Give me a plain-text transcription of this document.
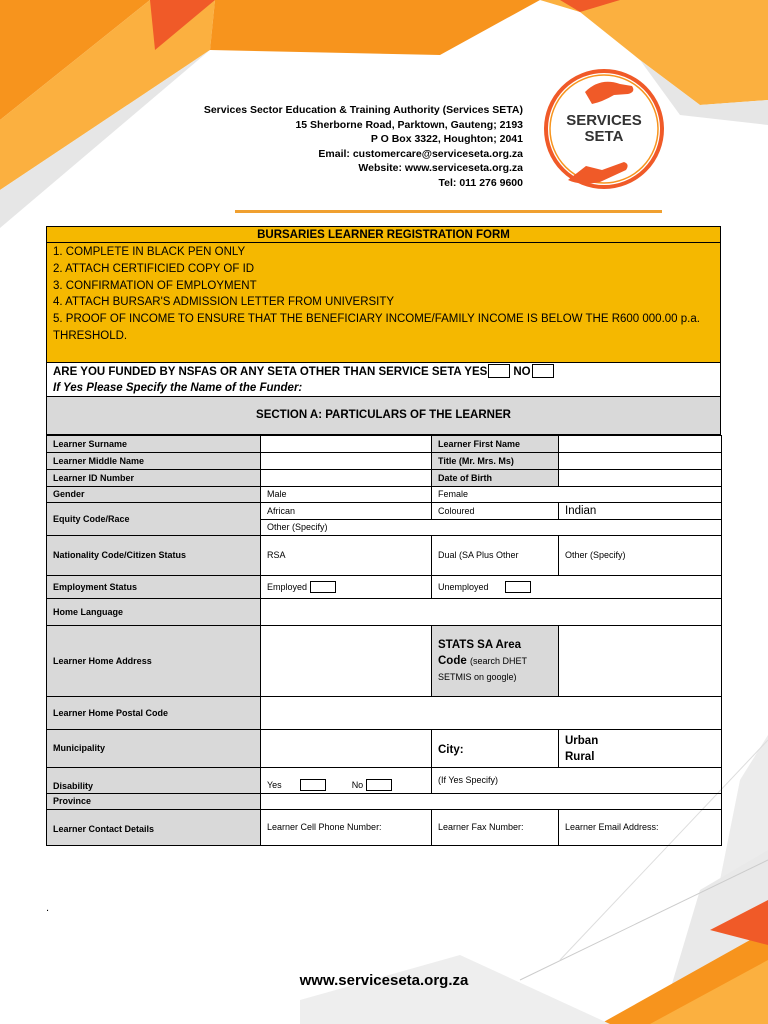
Services Sector Education & Training Authority (Services SETA)
15 Sherborne Road, Parktown, Gauteng; 2193
P O Box 3322, Houghton; 2041
Email: customercare@serviceseta.org.za
Website: www.serviceseta.org.za
Tel: 011 276 9600
SERVICES
SETA
BURSARIES LEARNER REGISTRATION FORM
1. COMPLETE IN BLACK PEN ONLY
2. ATTACH CERTIFICIED COPY OF ID
3. CONFIRMATION OF EMPLOYMENT
4. ATTACH BURSAR'S ADMISSION LETTER FROM UNIVERSITY
5. PROOF OF INCOME TO ENSURE THAT THE BENEFICIARY INCOME/FAMILY INCOME IS BELOW THE R600 000.00 p.a. THRESHOLD.
ARE YOU FUNDED BY NSFAS OR ANY SETA OTHER THAN SERVICE SETA YES NO
If Yes Please Specify the Name of the Funder:
SECTION A: PARTICULARS OF THE LEARNER
Learner Surname		Learner First Name	
Learner Middle Name		Title (Mr. Mrs. Ms)	
Learner ID Number		Date of Birth	
Gender	Male	Female	
Equity Code/Race	African	Coloured	Indian
	Other (Specify)		
Nationality Code/Citizen Status	RSA	Dual (SA Plus Other	Other (Specify)
Employment Status	Employed	Unemployed	
Home Language			
Learner Home Address		STATS SA Area Code (search DHET SETMIS on google)	
Learner Home Postal Code			
Municipality		City:	Urban
Rural

Disability	Yes No	(If Yes Specify)	
Province			
Learner Contact Details	Learner Cell Phone Number:	Learner Fax Number:	Learner Email Address:
.
www.serviceseta.org.za
